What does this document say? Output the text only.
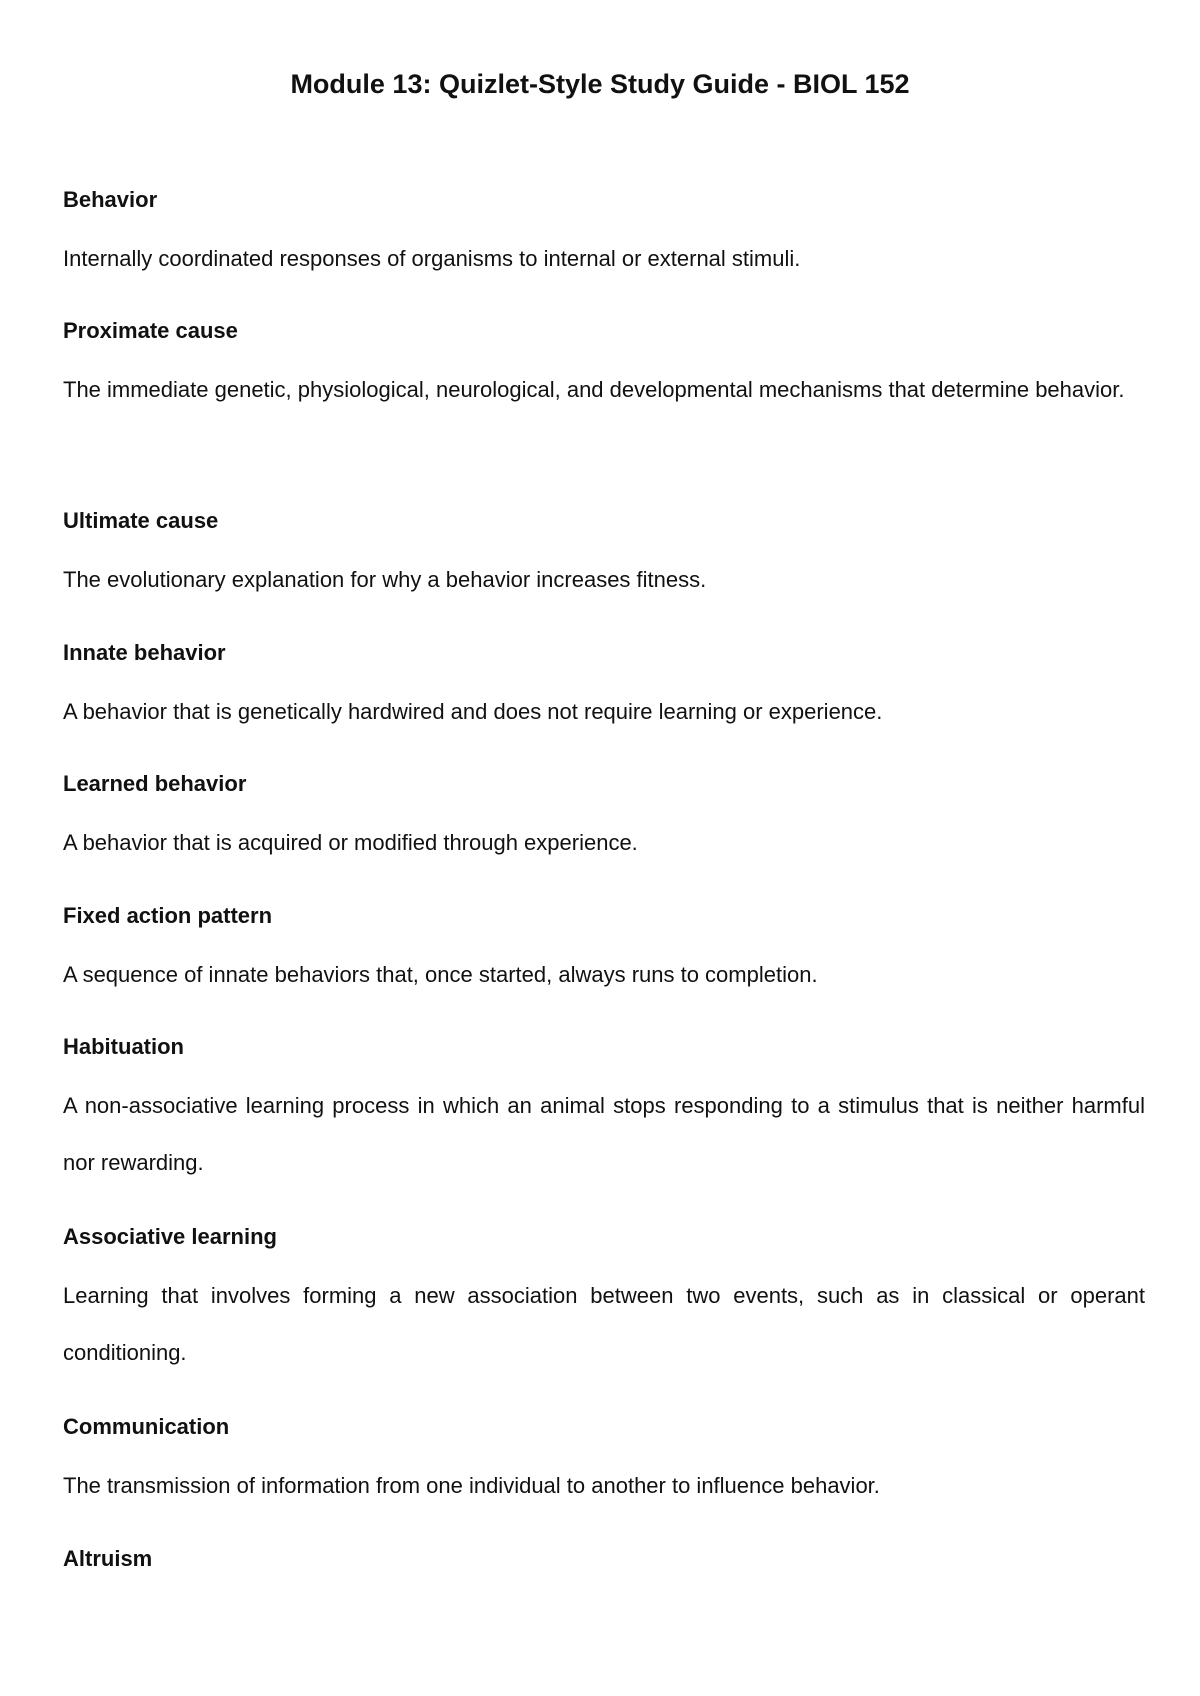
Module 13: Quizlet-Style Study Guide - BIOL 152

Behavior

Internally coordinated responses of organisms to internal or external stimuli.

Proximate cause

The immediate genetic, physiological, neurological, and developmental mechanisms that determine behavior.

Ultimate cause

The evolutionary explanation for why a behavior increases fitness.

Innate behavior

A behavior that is genetically hardwired and does not require learning or experience.

Learned behavior

A behavior that is acquired or modified through experience.

Fixed action pattern

A sequence of innate behaviors that, once started, always runs to completion.

Habituation

A non-associative learning process in which an animal stops responding to a stimulus that is neither harmful nor rewarding.

Associative learning

Learning that involves forming a new association between two events, such as in classical or operant conditioning.

Communication

The transmission of information from one individual to another to influence behavior.

Altruism
